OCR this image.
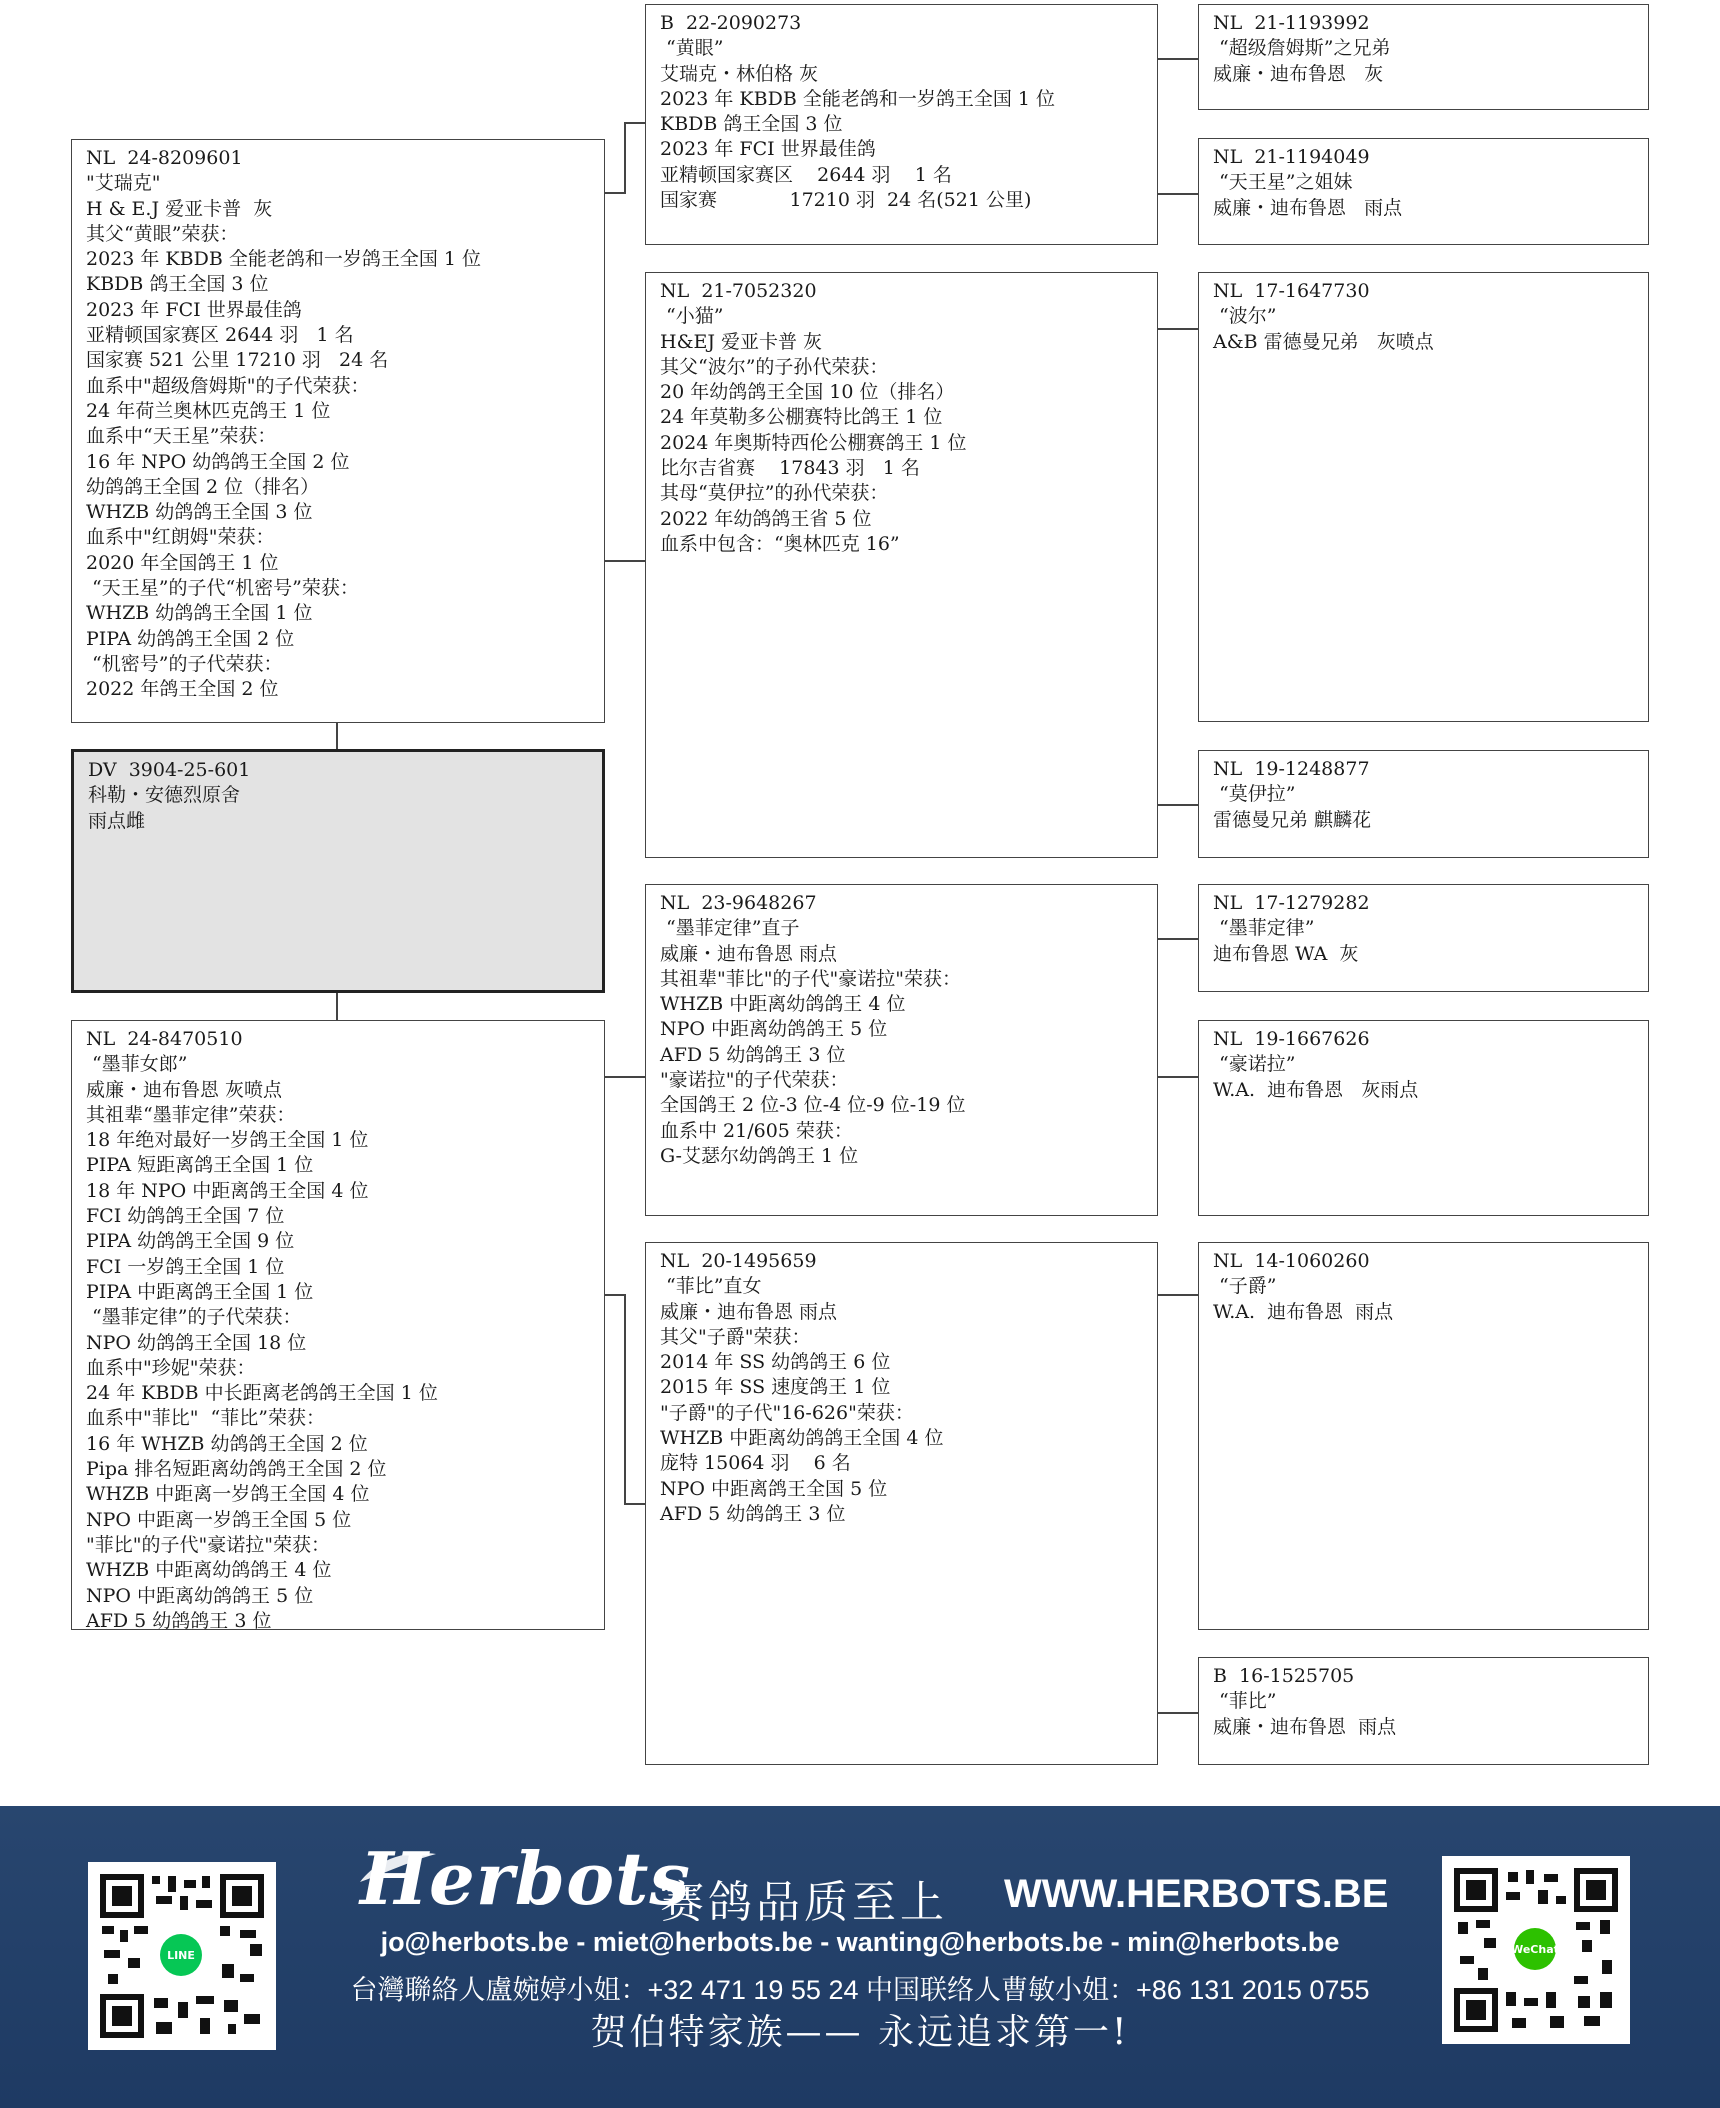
NL  24-8209601
"艾瑞克"
H & E.J 爱亚卡普  灰
其父“黄眼”荣获：
2023 年 KBDB 全能老鸽和一岁鸽王全国 1 位
KBDB 鸽王全国 3 位
2023 年 FCI 世界最佳鸽
亚精顿国家赛区 2644 羽   1 名
国家赛 521 公里 17210 羽   24 名
血系中"超级詹姆斯"的子代荣获：
24 年荷兰奥林匹克鸽王 1 位
血系中“天王星”荣获：
16 年 NPO 幼鸽鸽王全国 2 位
幼鸽鸽王全国 2 位（排名）
WHZB 幼鸽鸽王全国 3 位
血系中"红朗姆"荣获：
2020 年全国鸽王 1 位
“天王星”的子代“机密号”荣获：
WHZB 幼鸽鸽王全国 1 位
PIPA 幼鸽鸽王全国 2 位
“机密号”的子代荣获：
2022 年鸽王全国 2 位
DV  3904-25-601
科勒・安德烈原舍
雨点雌
NL  24-8470510
“墨菲女郎”
威廉・迪布鲁恩 灰喷点
其祖辈“墨菲定律”荣获：
18 年绝对最好一岁鸽王全国 1 位
PIPA 短距离鸽王全国 1 位
18 年 NPO 中距离鸽王全国 4 位
FCI 幼鸽鸽王全国 7 位
PIPA 幼鸽鸽王全国 9 位
FCI 一岁鸽王全国 1 位
PIPA 中距离鸽王全国 1 位
“墨菲定律”的子代荣获：
NPO 幼鸽鸽王全国 18 位
血系中"珍妮"荣获：
24 年 KBDB 中长距离老鸽鸽王全国 1 位
血系中"菲比"  “菲比”荣获：
16 年 WHZB 幼鸽鸽王全国 2 位
Pipa 排名短距离幼鸽鸽王全国 2 位
WHZB 中距离一岁鸽王全国 4 位
NPO 中距离一岁鸽王全国 5 位
"菲比"的子代"豪诺拉"荣获：
WHZB 中距离幼鸽鸽王 4 位
NPO 中距离幼鸽鸽王 5 位
AFD 5 幼鸽鸽王 3 位
B  22-2090273
“黄眼”
艾瑞克・林伯格 灰
2023 年 KBDB 全能老鸽和一岁鸽王全国 1 位
KBDB 鸽王全国 3 位
2023 年 FCI 世界最佳鸽
亚精顿国家赛区    2644 羽    1 名
国家赛            17210 羽  24 名(521 公里)
NL  21-7052320
“小猫”
H&EJ 爱亚卡普 灰
其父“波尔”的子孙代荣获：
20 年幼鸽鸽王全国 10 位（排名）
24 年莫勒多公棚赛特比鸽王 1 位
2024 年奥斯特西伦公棚赛鸽王 1 位
比尔吉省赛    17843 羽   1 名
其母“莫伊拉”的孙代荣获：
2022 年幼鸽鸽王省 5 位
血系中包含：“奥林匹克 16”
NL  23-9648267
“墨菲定律”直子
威廉・迪布鲁恩 雨点
其祖辈"菲比"的子代"豪诺拉"荣获：
WHZB 中距离幼鸽鸽王 4 位
NPO 中距离幼鸽鸽王 5 位
AFD 5 幼鸽鸽王 3 位
"豪诺拉"的子代荣获：
全国鸽王 2 位-3 位-4 位-9 位-19 位
血系中 21/605 荣获：
G-艾瑟尔幼鸽鸽王 1 位
NL  20-1495659
“菲比”直女
威廉・迪布鲁恩 雨点
其父"子爵"荣获：
2014 年 SS 幼鸽鸽王 6 位
2015 年 SS 速度鸽王 1 位
"子爵"的子代"16-626"荣获：
WHZB 中距离幼鸽鸽王全国 4 位
庞特 15064 羽    6 名
NPO 中距离鸽王全国 5 位
AFD 5 幼鸽鸽王 3 位
NL  21-1193992
“超级詹姆斯”之兄弟
威廉・迪布鲁恩   灰
NL  21-1194049
“天王星”之姐妹
威廉・迪布鲁恩   雨点
NL  17-1647730
“波尔”
A&B 雷德曼兄弟   灰喷点
NL  19-1248877
“莫伊拉”
雷德曼兄弟 麒麟花
NL  17-1279282
“墨菲定律”
迪布鲁恩 WA  灰
NL  19-1667626
“豪诺拉”
W.A.  迪布鲁恩   灰雨点
NL  14-1060260
“子爵”
W.A.  迪布鲁恩  雨点
B  16-1525705
“菲比”
威廉・迪布鲁恩  雨点
LINE	WeChat
Herbots
赛鸽品质至上 WWW.HERBOTS.BE
jo@herbots.be - miet@herbots.be - wanting@herbots.be - min@herbots.be
台灣聯絡人盧婉婷小姐：+32 471 19 55 24 中国联络人曹敏小姐：+86 131 2015 0755
贺伯特家族—— 永远追求第一!
